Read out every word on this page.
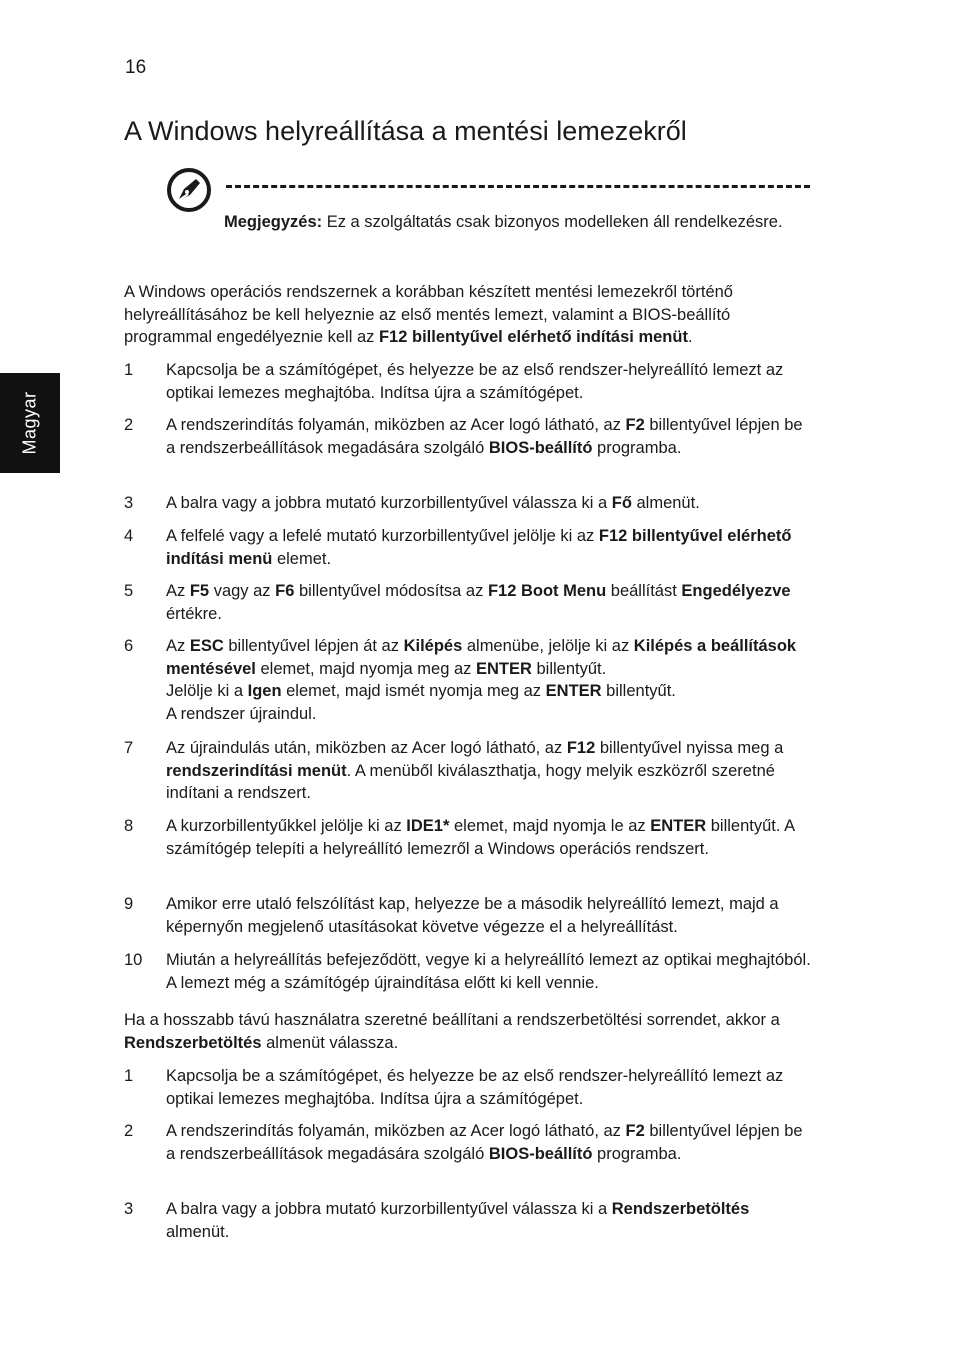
16
Magyar
A Windows helyreállítása a mentési lemezekről
Megjegyzés: Ez a szolgáltatás csak bizonyos modelleken áll rendelkezésre.

A Windows operációs rendszernek a korábban készített mentési lemezekről történő helyreállításához be kell helyeznie az első mentés lemezt, valamint a BIOS-beállító programmal engedélyeznie kell az F12 billentyűvel elérhető indítási menüt.

1 Kapcsolja be a számítógépet, és helyezze be az első rendszer-helyreállító lemezt az optikai lemezes meghajtóba. Indítsa újra a számítógépet.
2 A rendszerindítás folyamán, miközben az Acer logó látható, az F2 billentyűvel lépjen be a rendszerbeállítások megadására szolgáló BIOS-beállító programba.
3 A balra vagy a jobbra mutató kurzorbillentyűvel válassza ki a Fő almenüt.
4 A felfelé vagy a lefelé mutató kurzorbillentyűvel jelölje ki az F12 billentyűvel elérhető indítási menü elemet.
5 Az F5 vagy az F6 billentyűvel módosítsa az F12 Boot Menu beállítást Engedélyezve értékre.
6 Az ESC billentyűvel lépjen át az Kilépés almenübe, jelölje ki az Kilépés a beállítások mentésével elemet, majd nyomja meg az ENTER billentyűt.
Jelölje ki a Igen elemet, majd ismét nyomja meg az ENTER billentyűt.
A rendszer újraindul.
7 Az újraindulás után, miközben az Acer logó látható, az F12 billentyűvel nyissa meg a rendszerindítási menüt. A menüből kiválaszthatja, hogy melyik eszközről szeretné indítani a rendszert.
8 A kurzorbillentyűkkel jelölje ki az IDE1* elemet, majd nyomja le az ENTER billentyűt. A számítógép telepíti a helyreállító lemezről a Windows operációs rendszert.
9 Amikor erre utaló felszólítást kap, helyezze be a második helyreállító lemezt, majd a képernyőn megjelenő utasításokat követve végezze el a helyreállítást.
10 Miután a helyreállítás befejeződött, vegye ki a helyreállító lemezt az optikai meghajtóból. A lemezt még a számítógép újraindítása előtt ki kell vennie.

Ha a hosszabb távú használatra szeretné beállítani a rendszerbetöltési sorrendet, akkor a Rendszerbetöltés almenüt válassza.

1 Kapcsolja be a számítógépet, és helyezze be az első rendszer-helyreállító lemezt az optikai lemezes meghajtóba. Indítsa újra a számítógépet.
2 A rendszerindítás folyamán, miközben az Acer logó látható, az F2 billentyűvel lépjen be a rendszerbeállítások megadására szolgáló BIOS-beállító programba.
3 A balra vagy a jobbra mutató kurzorbillentyűvel válassza ki a Rendszerbetöltés almenüt.
